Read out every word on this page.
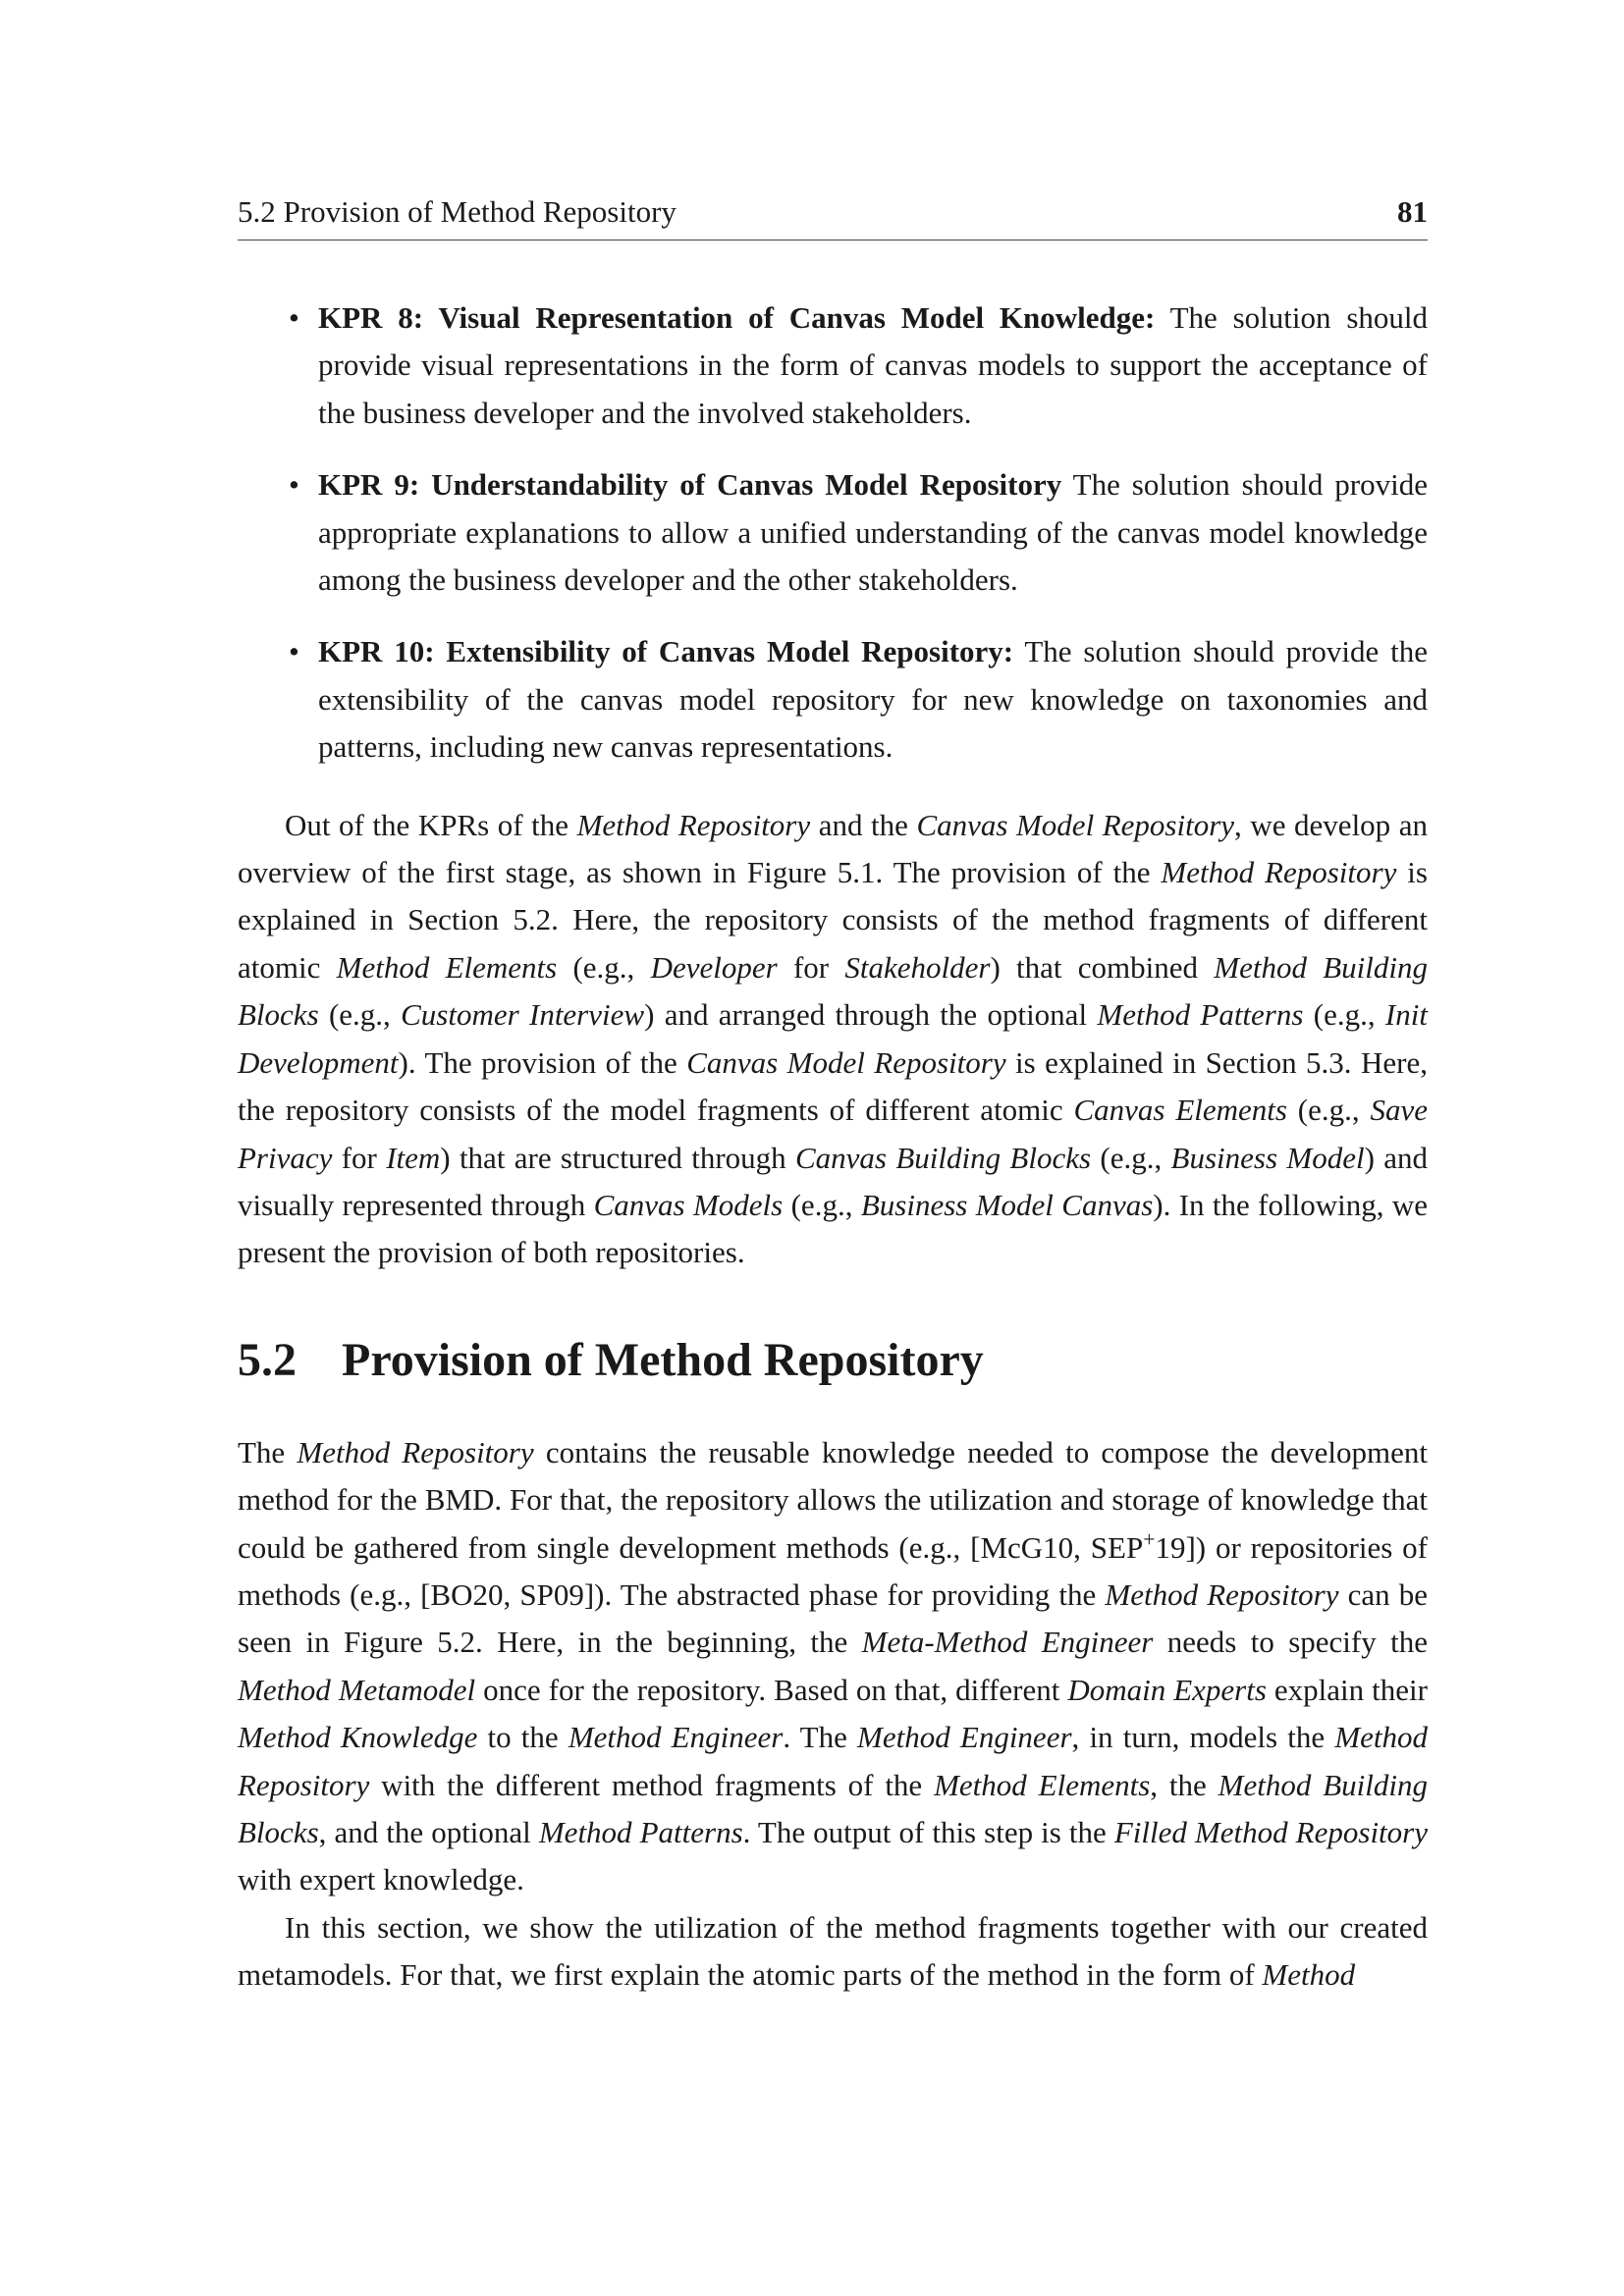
5.2 Provision of Method Repository	81
• KPR 8: Visual Representation of Canvas Model Knowledge: The solution should provide visual representations in the form of canvas models to support the acceptance of the business developer and the involved stakeholders.
• KPR 9: Understandability of Canvas Model Repository The solution should provide appropriate explanations to allow a unified understanding of the canvas model knowledge among the business developer and the other stakeholders.
• KPR 10: Extensibility of Canvas Model Repository: The solution should provide the extensibility of the canvas model repository for new knowledge on taxonomies and patterns, including new canvas representations.

Out of the KPRs of the Method Repository and the Canvas Model Repository, we develop an overview of the first stage, as shown in Figure 5.1. The provision of the Method Repository is explained in Section 5.2. Here, the repository consists of the method fragments of different atomic Method Elements (e.g., Developer for Stakeholder) that combined Method Building Blocks (e.g., Customer Interview) and arranged through the optional Method Patterns (e.g., Init Development). The provision of the Canvas Model Repository is explained in Section 5.3. Here, the repository consists of the model fragments of different atomic Canvas Elements (e.g., Save Privacy for Item) that are structured through Canvas Building Blocks (e.g., Business Model) and visually represented through Canvas Models (e.g., Business Model Canvas). In the following, we present the provision of both repositories.

5.2 Provision of Method Repository

The Method Repository contains the reusable knowledge needed to compose the development method for the BMD. For that, the repository allows the utilization and storage of knowledge that could be gathered from single development methods (e.g., [McG10, SEP+19]) or repositories of methods (e.g., [BO20, SP09]). The abstracted phase for providing the Method Repository can be seen in Figure 5.2. Here, in the beginning, the Meta-Method Engineer needs to specify the Method Metamodel once for the repository. Based on that, different Domain Experts explain their Method Knowledge to the Method Engineer. The Method Engineer, in turn, models the Method Repository with the different method fragments of the Method Elements, the Method Building Blocks, and the optional Method Patterns. The output of this step is the Filled Method Repository with expert knowledge.

In this section, we show the utilization of the method fragments together with our created metamodels. For that, we first explain the atomic parts of the method in the form of Method
